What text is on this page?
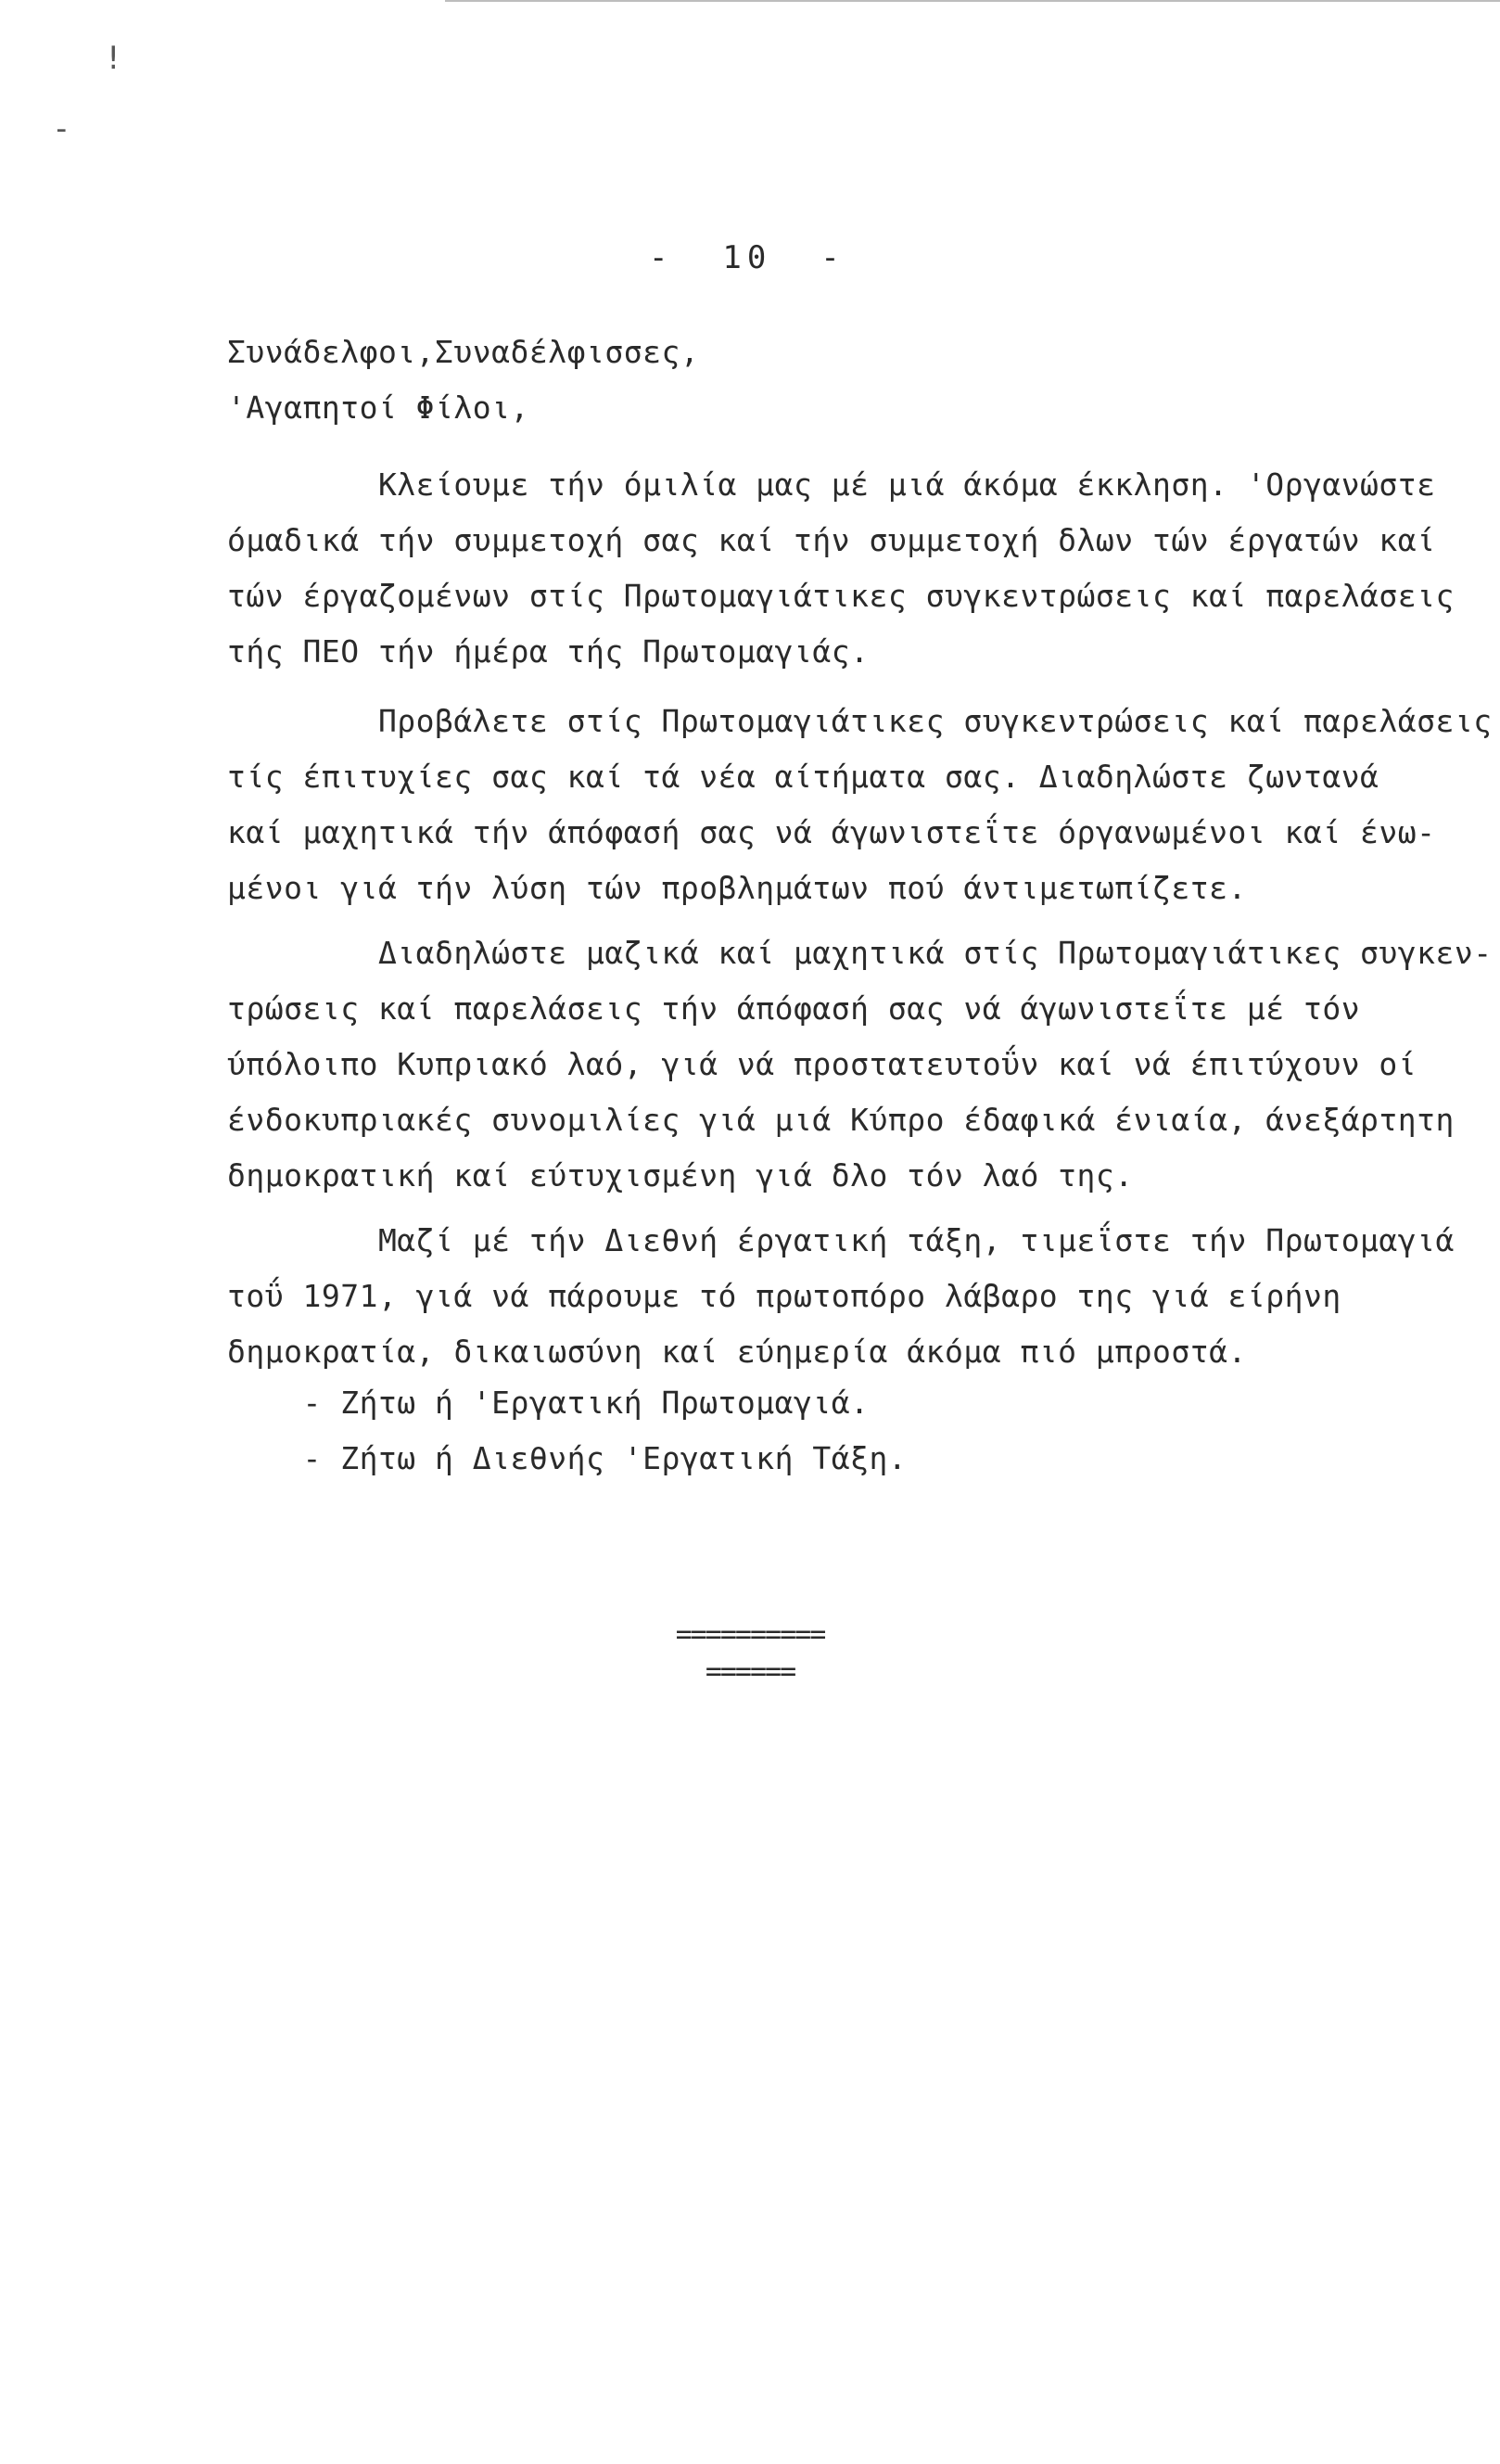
!
-
-  10  -
Συνάδελφοι,Συναδέλφισσες,
'Αγαπητοί Φίλοι,
Κλείουμε τήν όμιλία μας μέ μιά άκόμα έκκληση. 'Οργανώστε
όμαδικά τήν συμμετοχή σας καί τήν συμμετοχή δλων τών έργατών καί
τών έργαζομένων στίς Πρωτομαγιάτικες συγκεντρώσεις καί παρελάσεις
τής ΠΕΟ τήν ήμέρα τής Πρωτομαγιάς.
Προβάλετε στίς Πρωτομαγιάτικες συγκεντρώσεις καί παρελάσεις
τίς έπιτυχίες σας καί τά νέα αίτήματα σας. Διαδηλώστε ζωντανά
καί μαχητικά τήν άπόφασή σας νά άγωνιστεΐτε όργανωμένοι καί ένω-
μένοι γιά τήν λύση τών προβλημάτων πού άντιμετωπίζετε.
Διαδηλώστε μαζικά καί μαχητικά στίς Πρωτομαγιάτικες συγκεν-
τρώσεις καί παρελάσεις τήν άπόφασή σας νά άγωνιστεΐτε μέ τόν
ύπόλοιπο Κυπριακό λαό, γιά νά προστατευτοΰν καί νά έπιτύχουν οί
ένδοκυπριακές συνομιλίες γιά μιά Κύπρο έδαφικά ένιαία, άνεξάρτητη
δημοκρατική καί εύτυχισμένη γιά δλο τόν λαό της.
Μαζί μέ τήν Διεθνή έργατική τάξη, τιμεΐστε τήν Πρωτομαγιά
τοΰ 1971, γιά νά πάρουμε τό πρωτοπόρο λάβαρο της γιά είρήνη
δημοκρατία, δικαιωσύνη καί εύημερία άκόμα πιό μπροστά.
- Ζήτω ή 'Εργατική Πρωτομαγιά.
- Ζήτω ή Διεθνής 'Εργατική Τάξη.
==========
======
